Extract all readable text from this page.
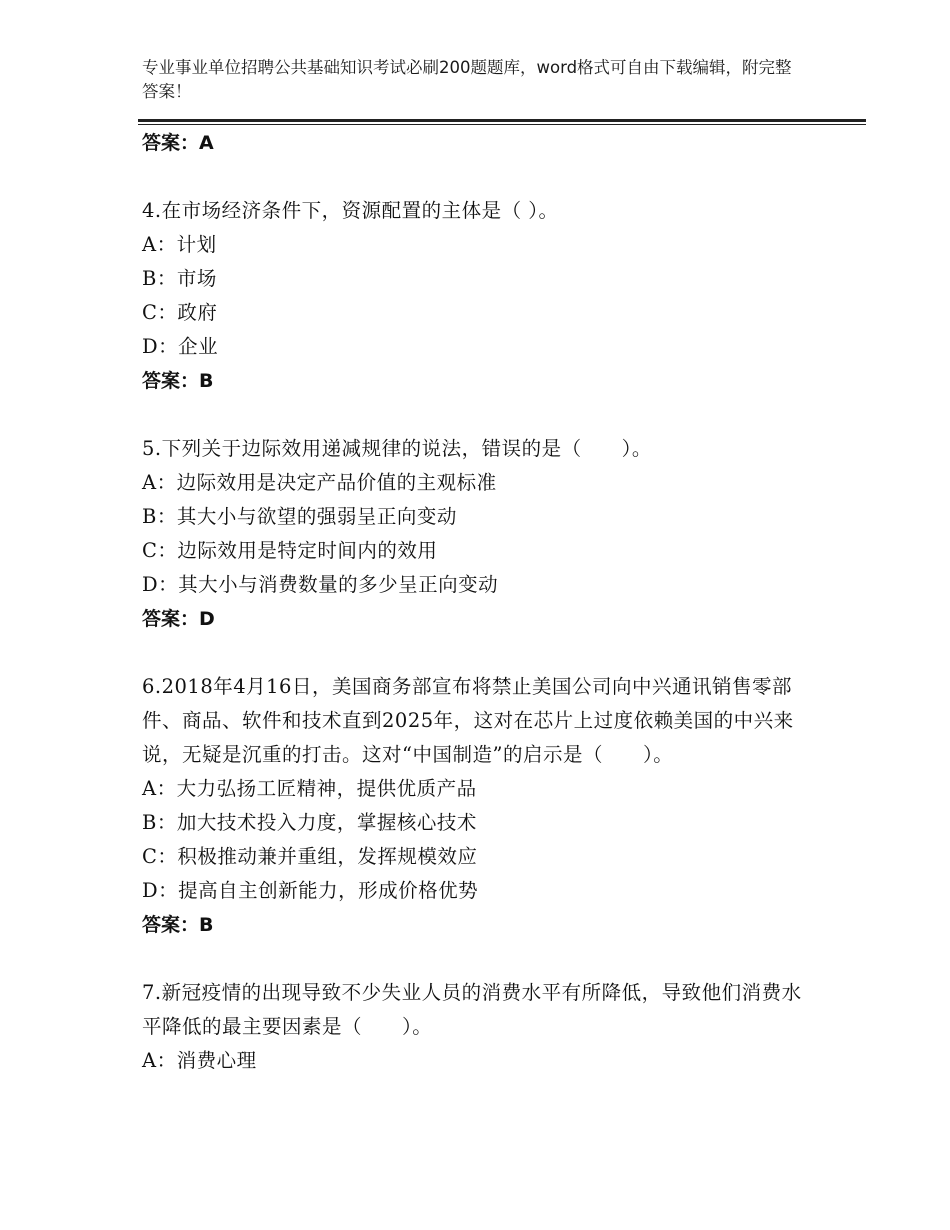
专业事业单位招聘公共基础知识考试必刷200题题库，word格式可自由下载编辑，附完整答案！
答案：A
4.在市场经济条件下，资源配置的主体是（ ）。
A：计划
B：市场
C：政府
D：企业
答案：B
5.下列关于边际效用递减规律的说法，错误的是（　　）。
A：边际效用是决定产品价值的主观标准
B：其大小与欲望的强弱呈正向变动
C：边际效用是特定时间内的效用
D：其大小与消费数量的多少呈正向变动
答案：D
6.2018年4月16日，美国商务部宣布将禁止美国公司向中兴通讯销售零部件、商品、软件和技术直到2025年，这对在芯片上过度依赖美国的中兴来说，无疑是沉重的打击。这对“中国制造”的启示是（　　）。
A：大力弘扬工匠精神，提供优质产品
B：加大技术投入力度，掌握核心技术
C：积极推动兼并重组，发挥规模效应
D：提高自主创新能力，形成价格优势
答案：B
7.新冠疫情的出现导致不少失业人员的消费水平有所降低，导致他们消费水平降低的最主要因素是（　　）。
A：消费心理
